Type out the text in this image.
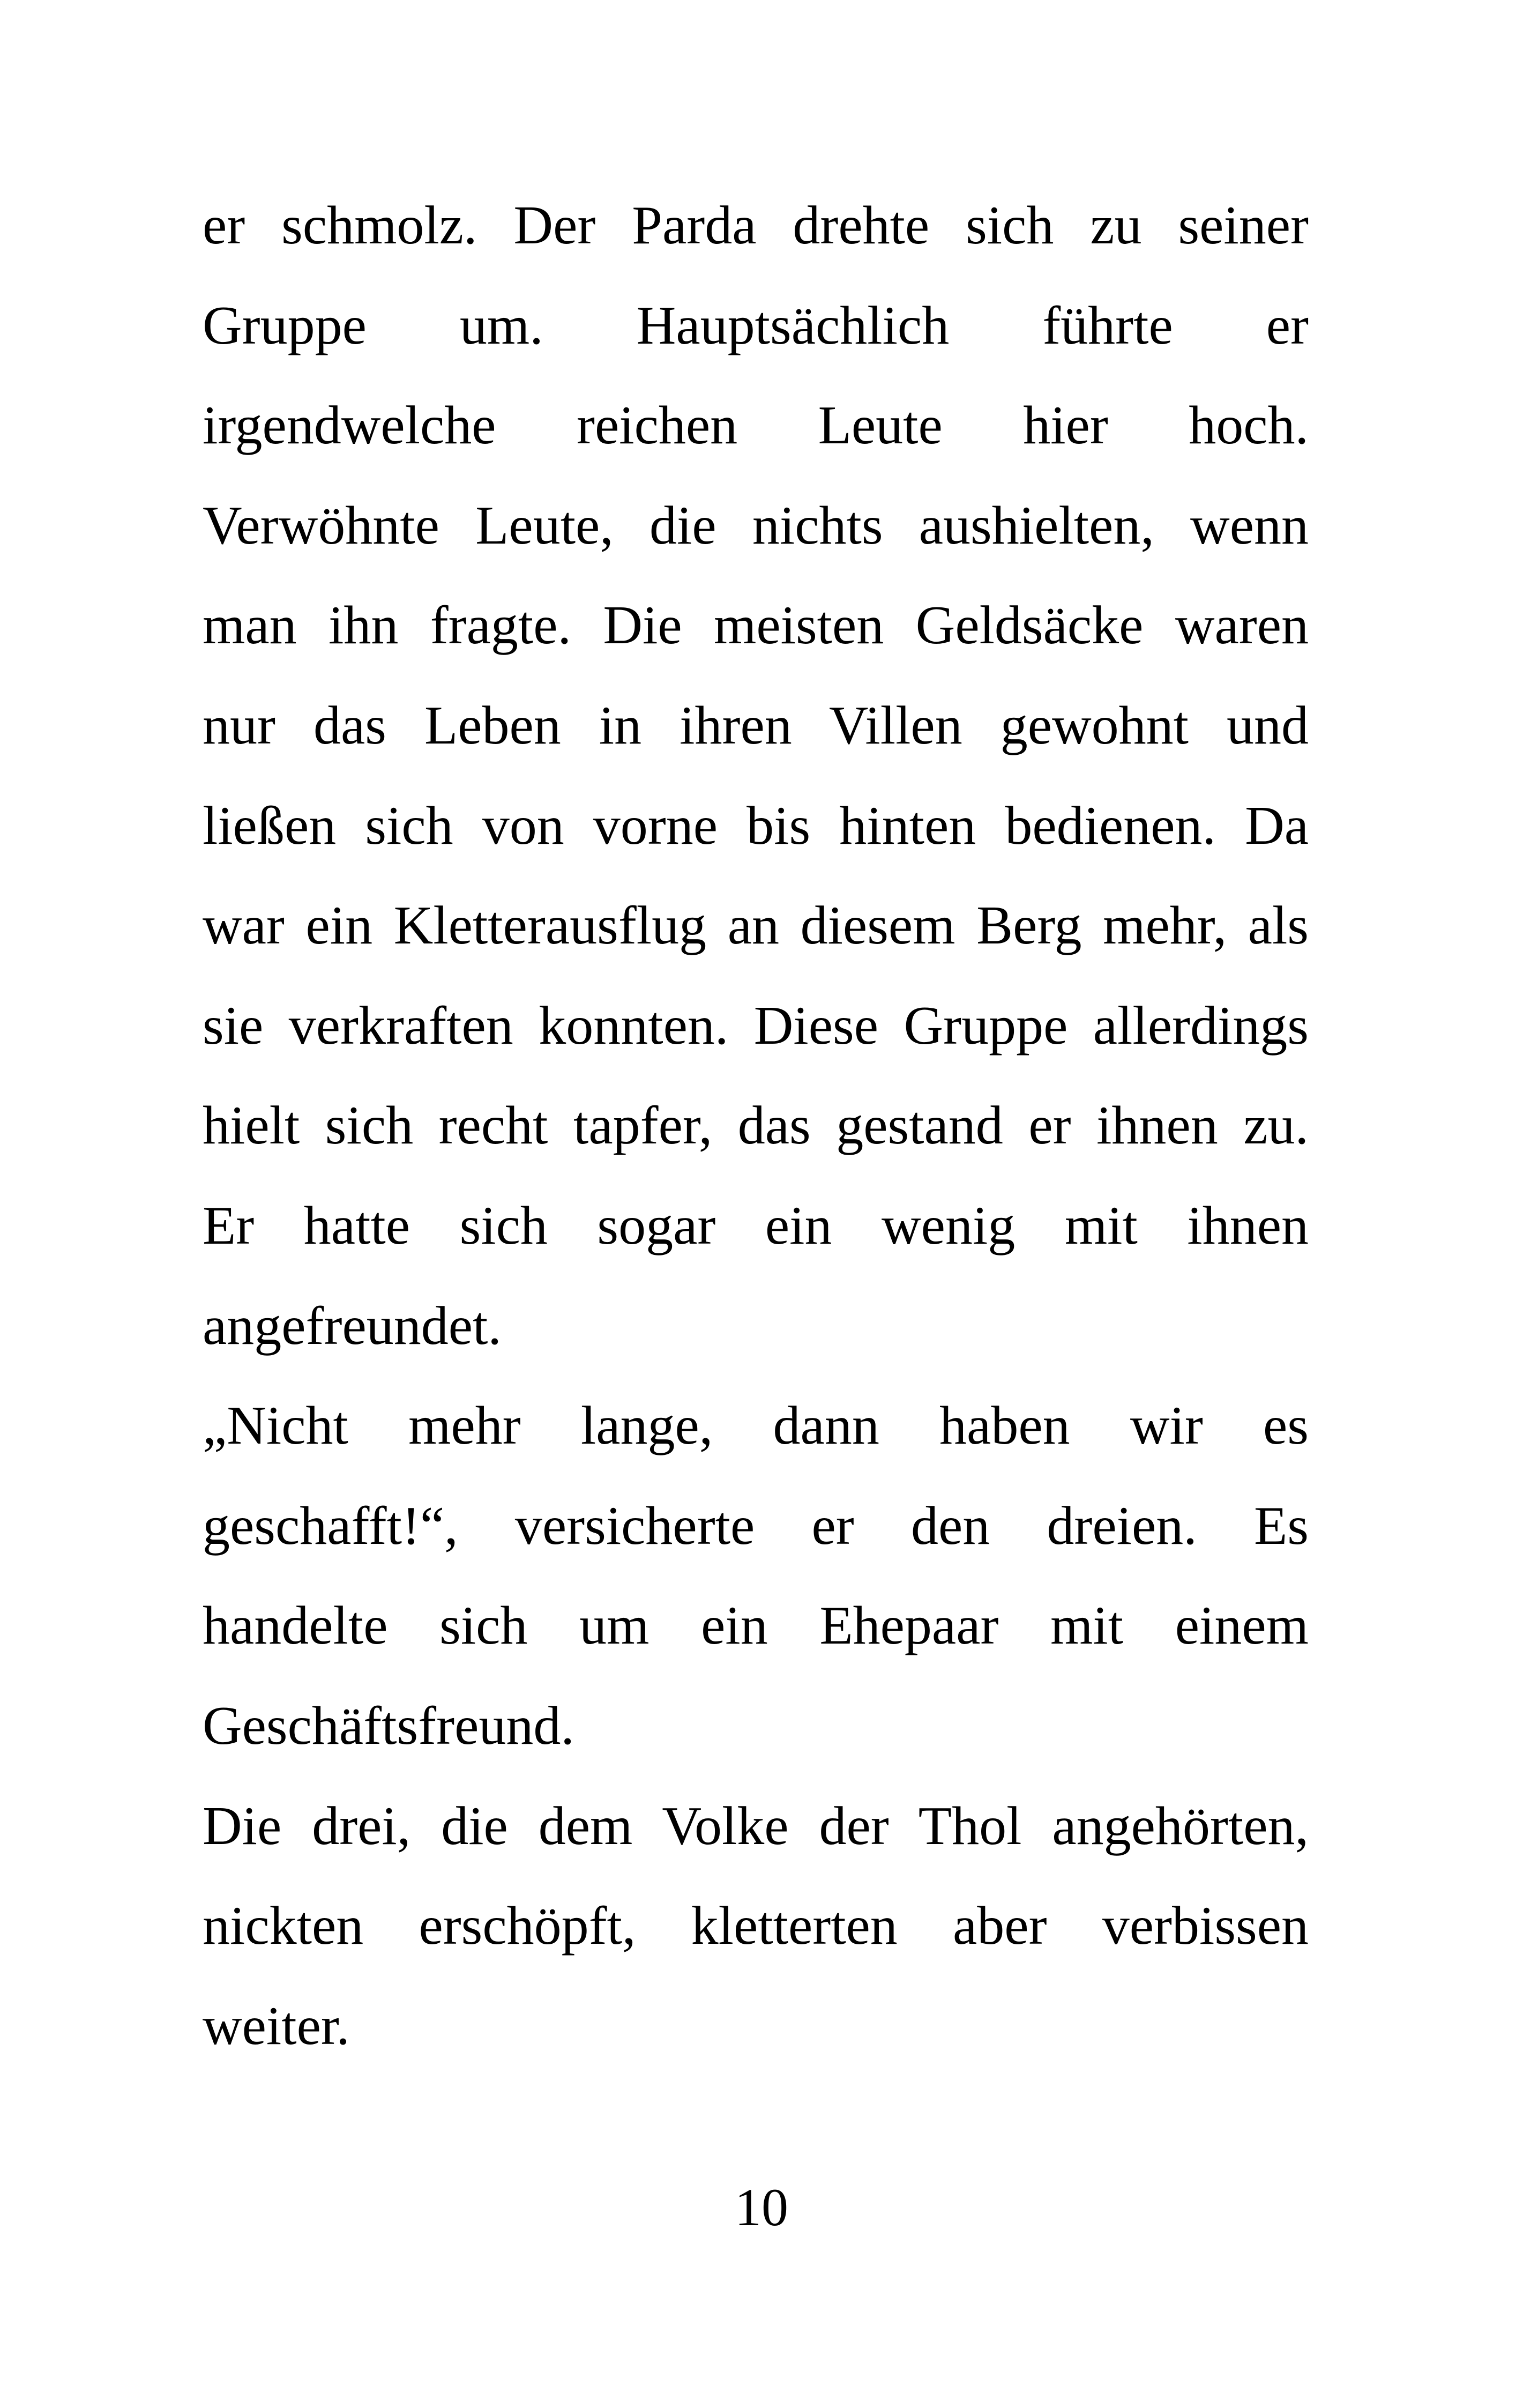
er schmolz. Der Parda drehte sich zu seiner
Gruppe um. Hauptsächlich führte er
irgendwelche reichen Leute hier hoch.
Verwöhnte Leute, die nichts aushielten, wenn
man ihn fragte. Die meisten Geldsäcke waren
nur das Leben in ihren Villen gewohnt und
ließen sich von vorne bis hinten bedienen. Da
war ein Kletterausflug an diesem Berg mehr, als
sie verkraften konnten. Diese Gruppe allerdings
hielt sich recht tapfer, das gestand er ihnen zu.
Er hatte sich sogar ein wenig mit ihnen
angefreundet.
„Nicht mehr lange, dann haben wir es
geschafft!“, versicherte er den dreien. Es
handelte sich um ein Ehepaar mit einem
Geschäftsfreund.
Die drei, die dem Volke der Thol angehörten,
nickten erschöpft, kletterten aber verbissen
weiter.
10
